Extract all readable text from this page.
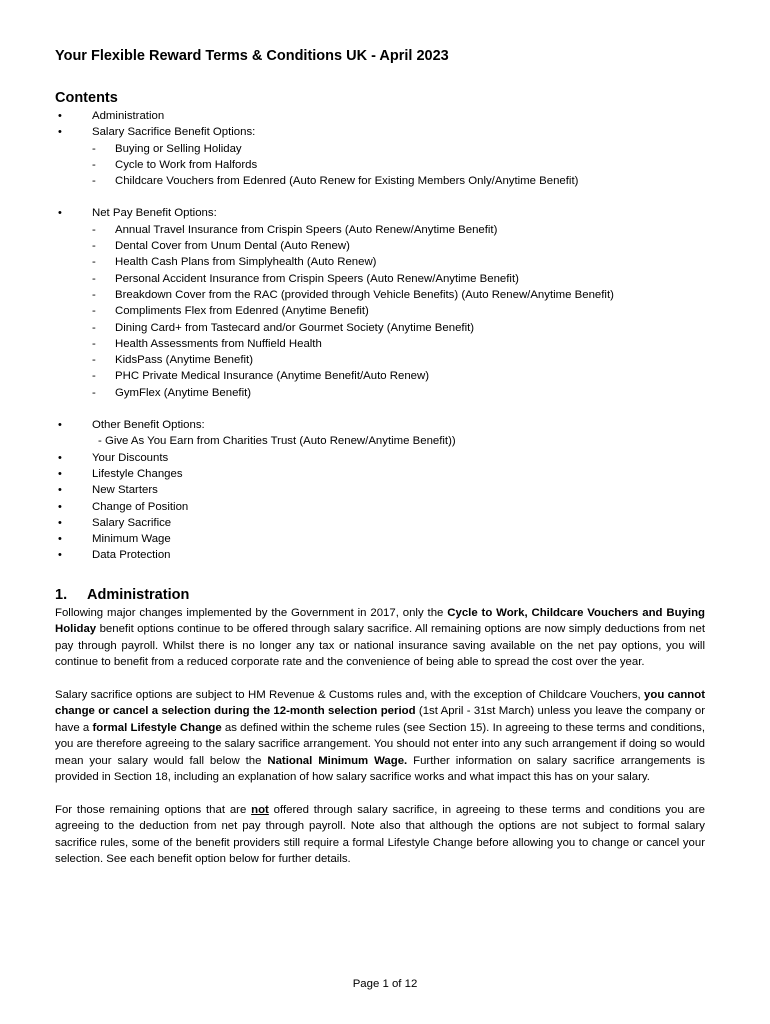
Your Flexible Reward Terms & Conditions UK - April 2023
Contents
•	Administration
•	Salary Sacrifice Benefit Options:
- Buying or Selling Holiday
- Cycle to Work from Halfords
- Childcare Vouchers from Edenred (Auto Renew for Existing Members Only/Anytime Benefit)
•	Net Pay Benefit Options:
- Annual Travel Insurance from Crispin Speers (Auto Renew/Anytime Benefit)
- Dental Cover from Unum Dental (Auto Renew)
- Health Cash Plans from Simplyhealth (Auto Renew)
- Personal Accident Insurance from Crispin Speers (Auto Renew/Anytime Benefit)
- Breakdown Cover from the RAC (provided through Vehicle Benefits) (Auto Renew/Anytime Benefit)
- Compliments Flex from Edenred (Anytime Benefit)
- Dining Card+ from Tastecard and/or Gourmet Society (Anytime Benefit)
- Health Assessments from Nuffield Health
- KidsPass (Anytime Benefit)
- PHC Private Medical Insurance (Anytime Benefit/Auto Renew)
- GymFlex (Anytime Benefit)
•	Other Benefit Options:
- Give As You Earn from Charities Trust (Auto Renew/Anytime Benefit))
•	Your Discounts
•	Lifestyle Changes
•	New Starters
•	Change of Position
•	Salary Sacrifice
•	Minimum Wage
•	Data Protection
1. Administration

Following major changes implemented by the Government in 2017, only the Cycle to Work, Childcare Vouchers and Buying Holiday benefit options continue to be offered through salary sacrifice. All remaining options are now simply deductions from net pay through payroll. Whilst there is no longer any tax or national insurance saving available on the net pay options, you will continue to benefit from a reduced corporate rate and the convenience of being able to spread the cost over the year.

Salary sacrifice options are subject to HM Revenue & Customs rules and, with the exception of Childcare Vouchers, you cannot change or cancel a selection during the 12-month selection period (1st April - 31st March) unless you leave the company or have a formal Lifestyle Change as defined within the scheme rules (see Section 15). In agreeing to these terms and conditions, you are therefore agreeing to the salary sacrifice arrangement. You should not enter into any such arrangement if doing so would mean your salary would fall below the National Minimum Wage. Further information on salary sacrifice arrangements is provided in Section 18, including an explanation of how salary sacrifice works and what impact this has on your salary.

For those remaining options that are not offered through salary sacrifice, in agreeing to these terms and conditions you are agreeing to the deduction from net pay through payroll. Note also that although the options are not subject to formal salary sacrifice rules, some of the benefit providers still require a formal Lifestyle Change before allowing you to change or cancel your selection. See each benefit option below for further details.

Page 1 of 12
